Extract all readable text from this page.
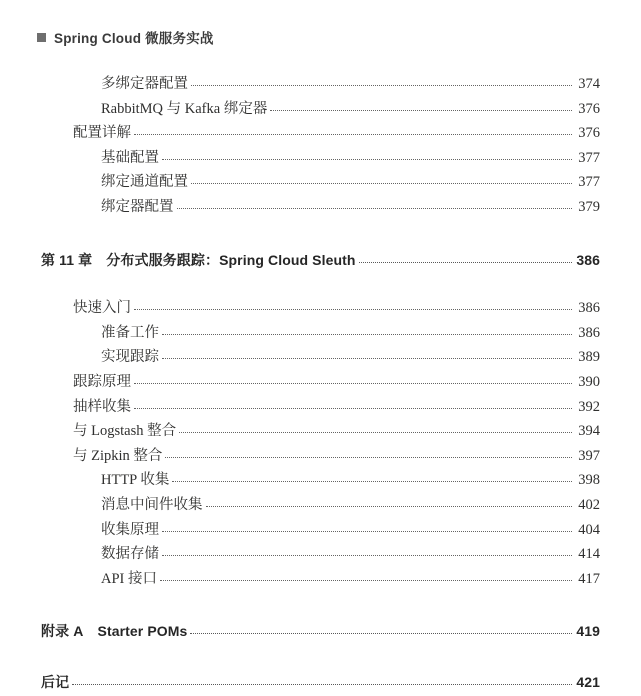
Spring Cloud 微服务实战
多绑定器配置	374
RabbitMQ 与 Kafka 绑定器	376
配置详解	376
基础配置	377
绑定通道配置	377
绑定器配置	379
第 11 章 分布式服务跟踪：Spring Cloud Sleuth	386
快速入门	386
准备工作	386
实现跟踪	389
跟踪原理	390
抽样收集	392
与 Logstash 整合	394
与 Zipkin 整合	397
HTTP 收集	398
消息中间件收集	402
收集原理	404
数据存储	414
API 接口	417
附录 A Starter POMs	419
后记	421
